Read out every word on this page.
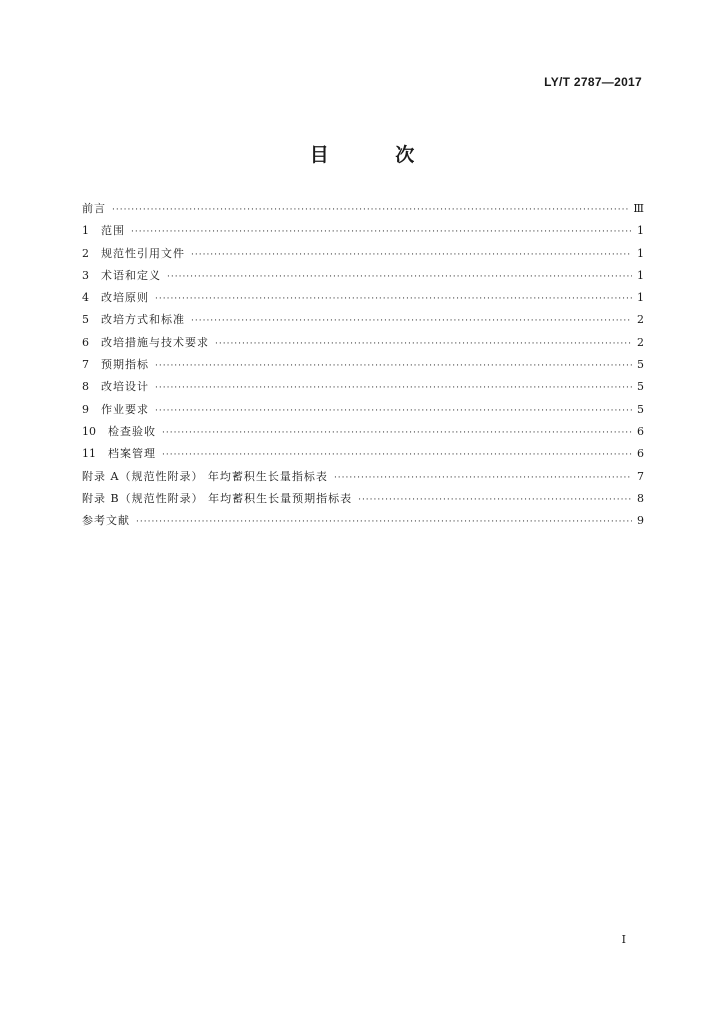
LY/T 2787—2017
目 次
前言 ·····	Ⅲ
1	范围 ·····	1
2	规范性引用文件 ·····	1
3	术语和定义 ·····	1
4	改培原则 ·····	1
5	改培方式和标准 ·····	2
6	改培措施与技术要求 ·····	2
7	预期指标 ·····	5
8	改培设计 ·····	5
9	作业要求 ·····	5
10	检查验收 ·····	6
11	档案管理 ·····	6
附录 A（规范性附录） 年均蓄积生长量指标表 ·····	7
附录 B（规范性附录） 年均蓄积生长量预期指标表 ·····	8
参考文献 ·····	9
I
